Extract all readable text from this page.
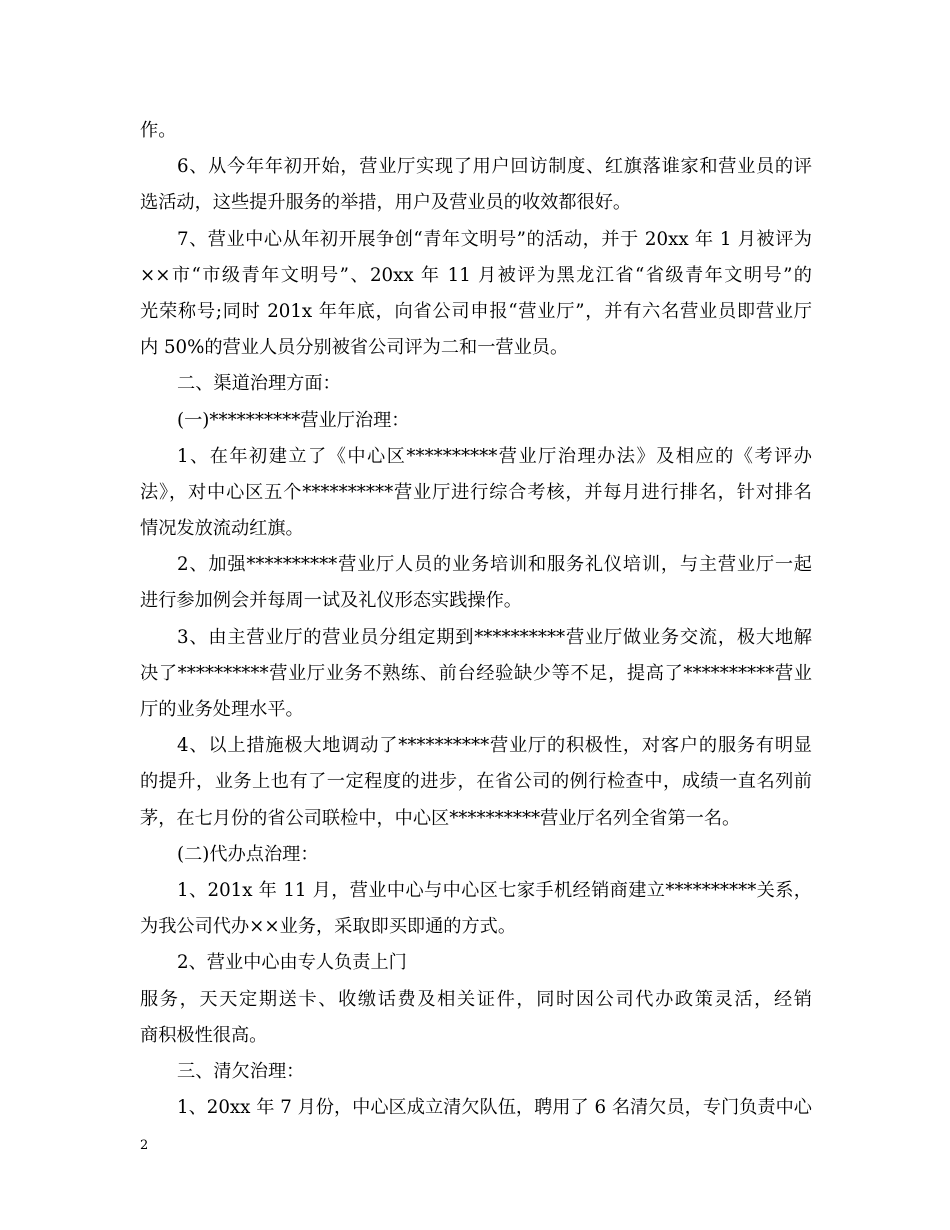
作。
6、从今年年初开始，营业厅实现了用户回访制度、红旗落谁家和营业员的评
选活动，这些提升服务的举措，用户及营业员的收效都很好。
7、营业中心从年初开展争创“青年文明号”的活动，并于 20xx 年 1 月被评为
××市“市级青年文明号”、20xx 年 11 月被评为黑龙江省“省级青年文明号”的
光荣称号;同时 201x 年年底，向省公司申报“营业厅”，并有六名营业员即营业厅
内 50%的营业人员分别被省公司评为二和一营业员。
二、渠道治理方面：
(一)**********营业厅治理：
1、在年初建立了《中心区**********营业厅治理办法》及相应的《考评办
法》，对中心区五个**********营业厅进行综合考核，并每月进行排名，针对排名
情况发放流动红旗。
2、加强**********营业厅人员的业务培训和服务礼仪培训，与主营业厅一起
进行参加例会并每周一试及礼仪形态实践操作。
3、由主营业厅的营业员分组定期到**********营业厅做业务交流，极大地解
决了**********营业厅业务不熟练、前台经验缺少等不足，提高了**********营业
厅的业务处理水平。
4、以上措施极大地调动了**********营业厅的积极性，对客户的服务有明显
的提升，业务上也有了一定程度的进步，在省公司的例行检查中，成绩一直名列前
茅，在七月份的省公司联检中，中心区**********营业厅名列全省第一名。
(二)代办点治理：
1、201x 年 11 月，营业中心与中心区七家手机经销商建立**********关系，
为我公司代办××业务，采取即买即通的方式。
2、营业中心由专人负责上门
服务，天天定期送卡、收缴话费及相关证件，同时因公司代办政策灵活，经销
商积极性很高。
三、清欠治理：
1、20xx 年 7 月份，中心区成立清欠队伍，聘用了 6 名清欠员，专门负责中心
2
